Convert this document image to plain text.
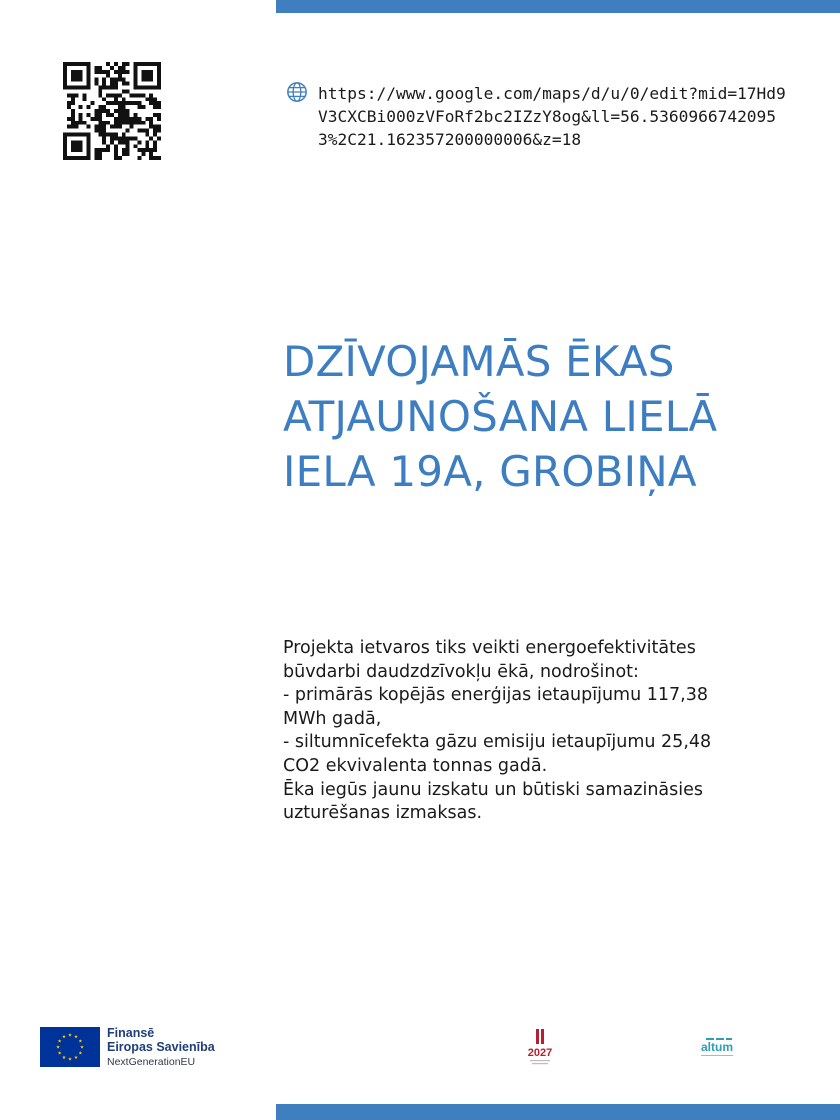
https://www.google.com/maps/d/u/0/edit?mid=17Hd9V3CXCBi000zVFoRf2bc2IZzY8og&ll=56.53609667420953%2C21.162357200000006&z=18
DZĪVOJAMĀS ĒKAS
ATJAUNOŠANA LIELĀ
IELA 19A, GROBIŅA
Projekta ietvaros tiks veikti energoefektivitātes
būvdarbi daudzdzīvokļu ēkā, nodrošinot:
- primārās kopējās enerģijas ietaupījumu 117,38
MWh gadā,
- siltumnīcefekta gāzu emisiju ietaupījumu 25,48
CO2 ekvivalenta tonnas gadā.
Ēka iegūs jaunu izskatu un būtiski samazināsies
uzturēšanas izmaksas.
Finansē
Eiropas Savienība
NextGenerationEU
2027	altum
